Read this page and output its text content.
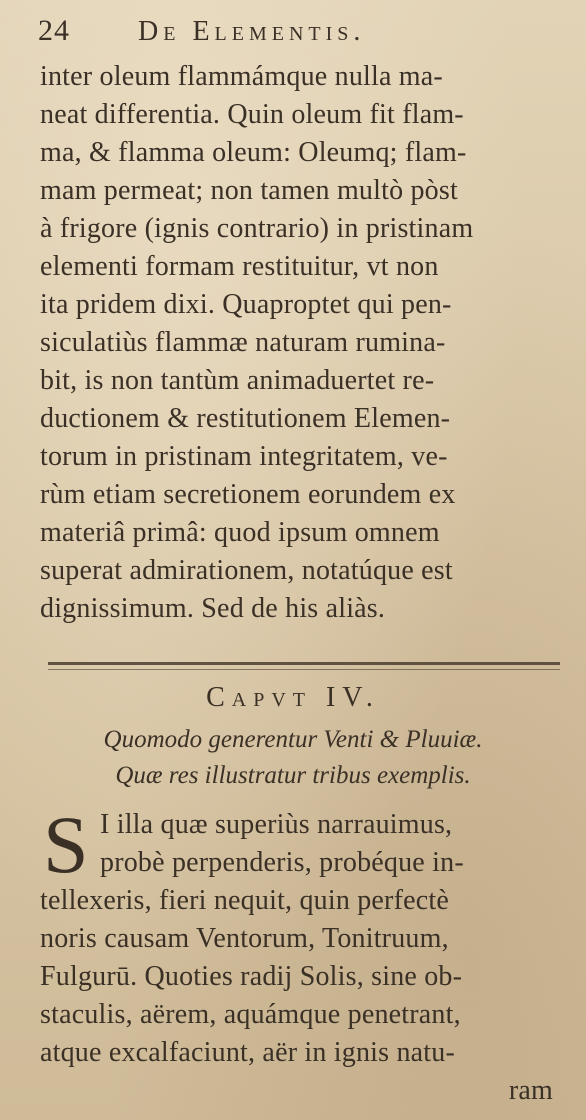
24 De Elementis.
inter oleum flammámque nulla ma-
neat differentia. Quin oleum fit flam-
ma, & flamma oleum: Oleumq; flam-
mam permeat; non tamen multò pòst
à frigore (ignis contrario) in pristinam
elementi formam restituitur, vt non
ita pridem dixi. Quaproptet qui pen-
siculatiùs flammæ naturam rumina-
bit, is non tantùm animaduertet re-
ductionem & restitutionem Elemen-
torum in pristinam integritatem, ve-
rùm etiam secretionem eorundem ex
materiâ primâ: quod ipsum omnem
superat admirationem, notatúque est
dignissimum. Sed de his aliàs.
Capvt IV.
Quomodo generentur Venti & Pluuiæ.
Quæ res illustratur tribus exemplis.
S I illa quæ superiùs narrauimus,
probè perpenderis, probéque in-
tellexeris, fieri nequit, quin perfectè
noris causam Ventorum, Tonitruum,
Fulgurū. Quoties radij Solis, sine ob-
staculis, aërem, aquámque penetrant,
atque excalfaciunt, aër in ignis natu-
ram
